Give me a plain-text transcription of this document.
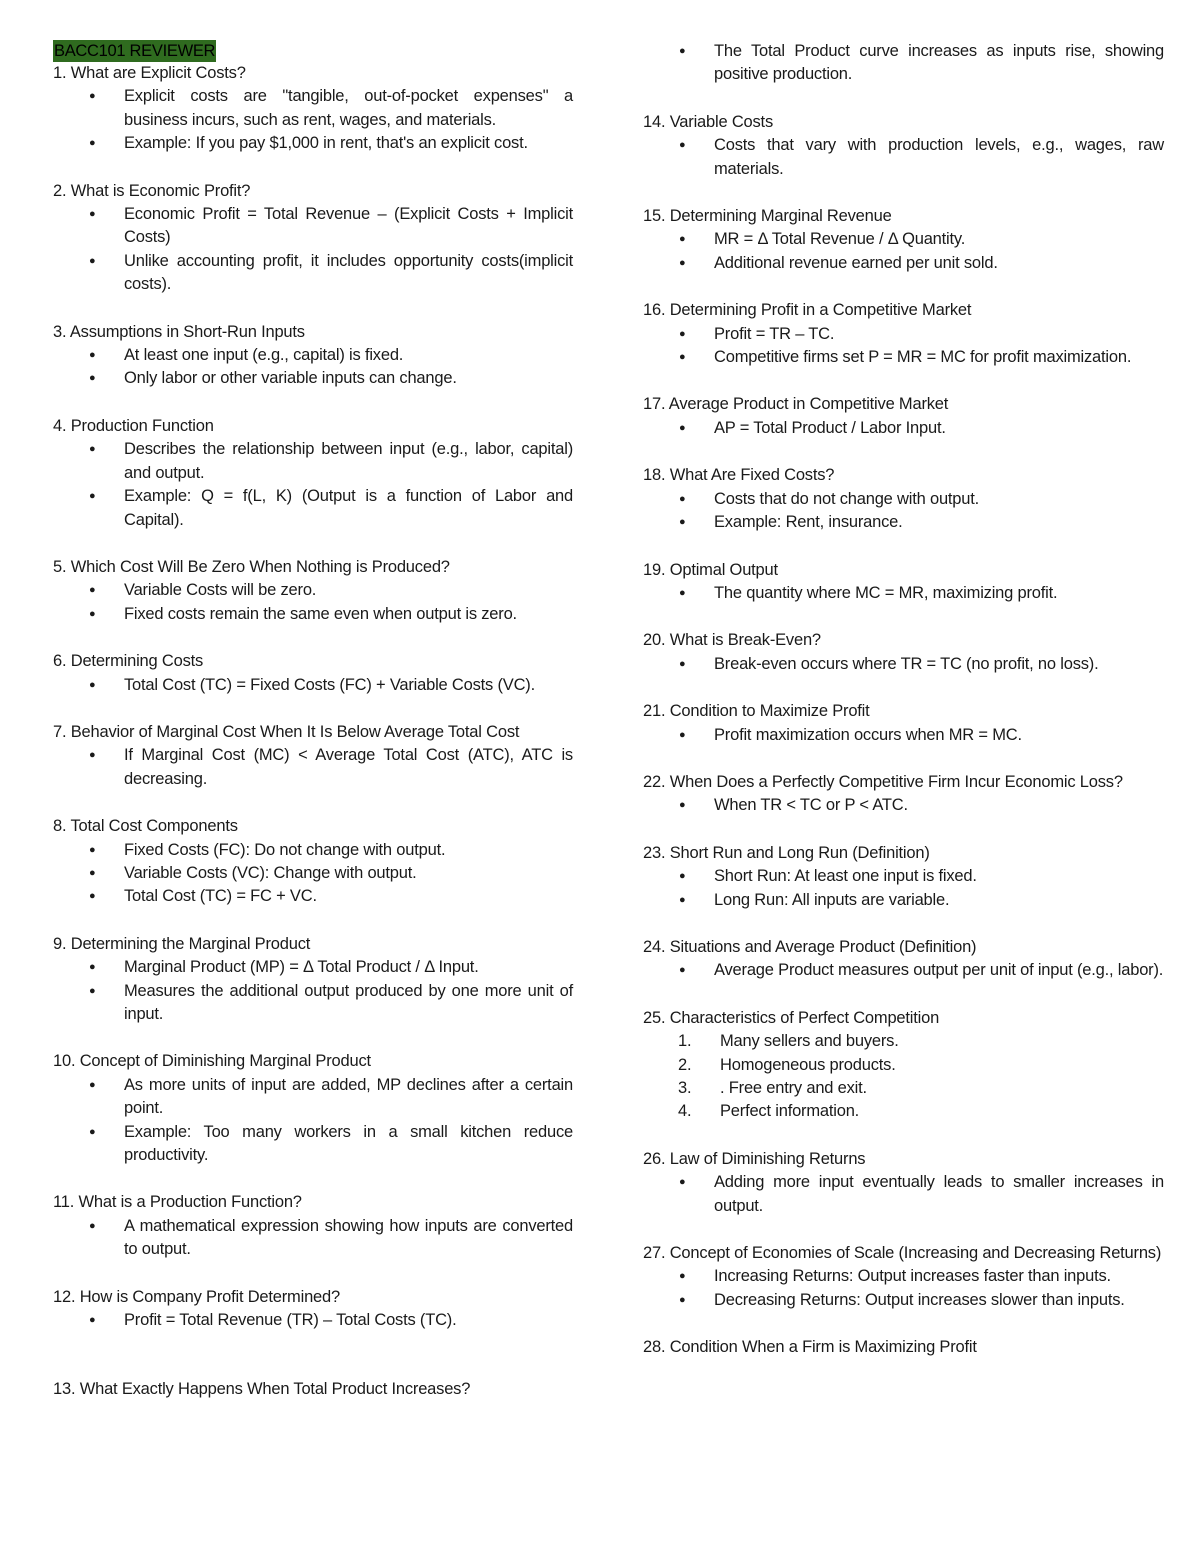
BACC101 REVIEWER
1. What are Explicit Costs?
● Explicit costs are "tangible, out-of-pocket expenses" a business incurs, such as rent, wages, and materials.
● Example: If you pay $1,000 in rent, that's an explicit cost.
2. What is Economic Profit?
● Economic Profit = Total Revenue – (Explicit Costs + Implicit Costs)
● Unlike accounting profit, it includes opportunity costs(implicit costs).
3. Assumptions in Short-Run Inputs
● At least one input (e.g., capital) is fixed.
● Only labor or other variable inputs can change.
4. Production Function
● Describes the relationship between input (e.g., labor, capital) and output.
● Example: Q = f(L, K) (Output is a function of Labor and Capital).
5. Which Cost Will Be Zero When Nothing is Produced?
● Variable Costs will be zero.
● Fixed costs remain the same even when output is zero.
6. Determining Costs
● Total Cost (TC) = Fixed Costs (FC) + Variable Costs (VC).
7. Behavior of Marginal Cost When It Is Below Average Total Cost
● If Marginal Cost (MC) < Average Total Cost (ATC), ATC is decreasing.
8. Total Cost Components
● Fixed Costs (FC): Do not change with output.
● Variable Costs (VC): Change with output.
● Total Cost (TC) = FC + VC.
9. Determining the Marginal Product
● Marginal Product (MP) = Δ Total Product / Δ Input.
● Measures the additional output produced by one more unit of input.
10. Concept of Diminishing Marginal Product
● As more units of input are added, MP declines after a certain point.
● Example: Too many workers in a small kitchen reduce productivity.
11. What is a Production Function?
● A mathematical expression showing how inputs are converted to output.
12. How is Company Profit Determined?
● Profit = Total Revenue (TR) – Total Costs (TC).
13. What Exactly Happens When Total Product Increases?
● The Total Product curve increases as inputs rise, showing positive production.
14. Variable Costs
● Costs that vary with production levels, e.g., wages, raw materials.
15. Determining Marginal Revenue
● MR = Δ Total Revenue / Δ Quantity.
● Additional revenue earned per unit sold.
16. Determining Profit in a Competitive Market
● Profit = TR – TC.
● Competitive firms set P = MR = MC for profit maximization.
17. Average Product in Competitive Market
● AP = Total Product / Labor Input.
18. What Are Fixed Costs?
● Costs that do not change with output.
● Example: Rent, insurance.
19. Optimal Output
● The quantity where MC = MR, maximizing profit.
20. What is Break-Even?
● Break-even occurs where TR = TC (no profit, no loss).
21. Condition to Maximize Profit
● Profit maximization occurs when MR = MC.
22. When Does a Perfectly Competitive Firm Incur Economic Loss?
● When TR < TC or P < ATC.
23. Short Run and Long Run (Definition)
● Short Run: At least one input is fixed.
● Long Run: All inputs are variable.
24. Situations and Average Product (Definition)
● Average Product measures output per unit of input (e.g., labor).
25. Characteristics of Perfect Competition
1. Many sellers and buyers.
2. Homogeneous products.
3. . Free entry and exit.
4. Perfect information.
26. Law of Diminishing Returns
● Adding more input eventually leads to smaller increases in output.
27. Concept of Economies of Scale (Increasing and Decreasing Returns)
● Increasing Returns: Output increases faster than inputs.
● Decreasing Returns: Output increases slower than inputs.
28. Condition When a Firm is Maximizing Profit
